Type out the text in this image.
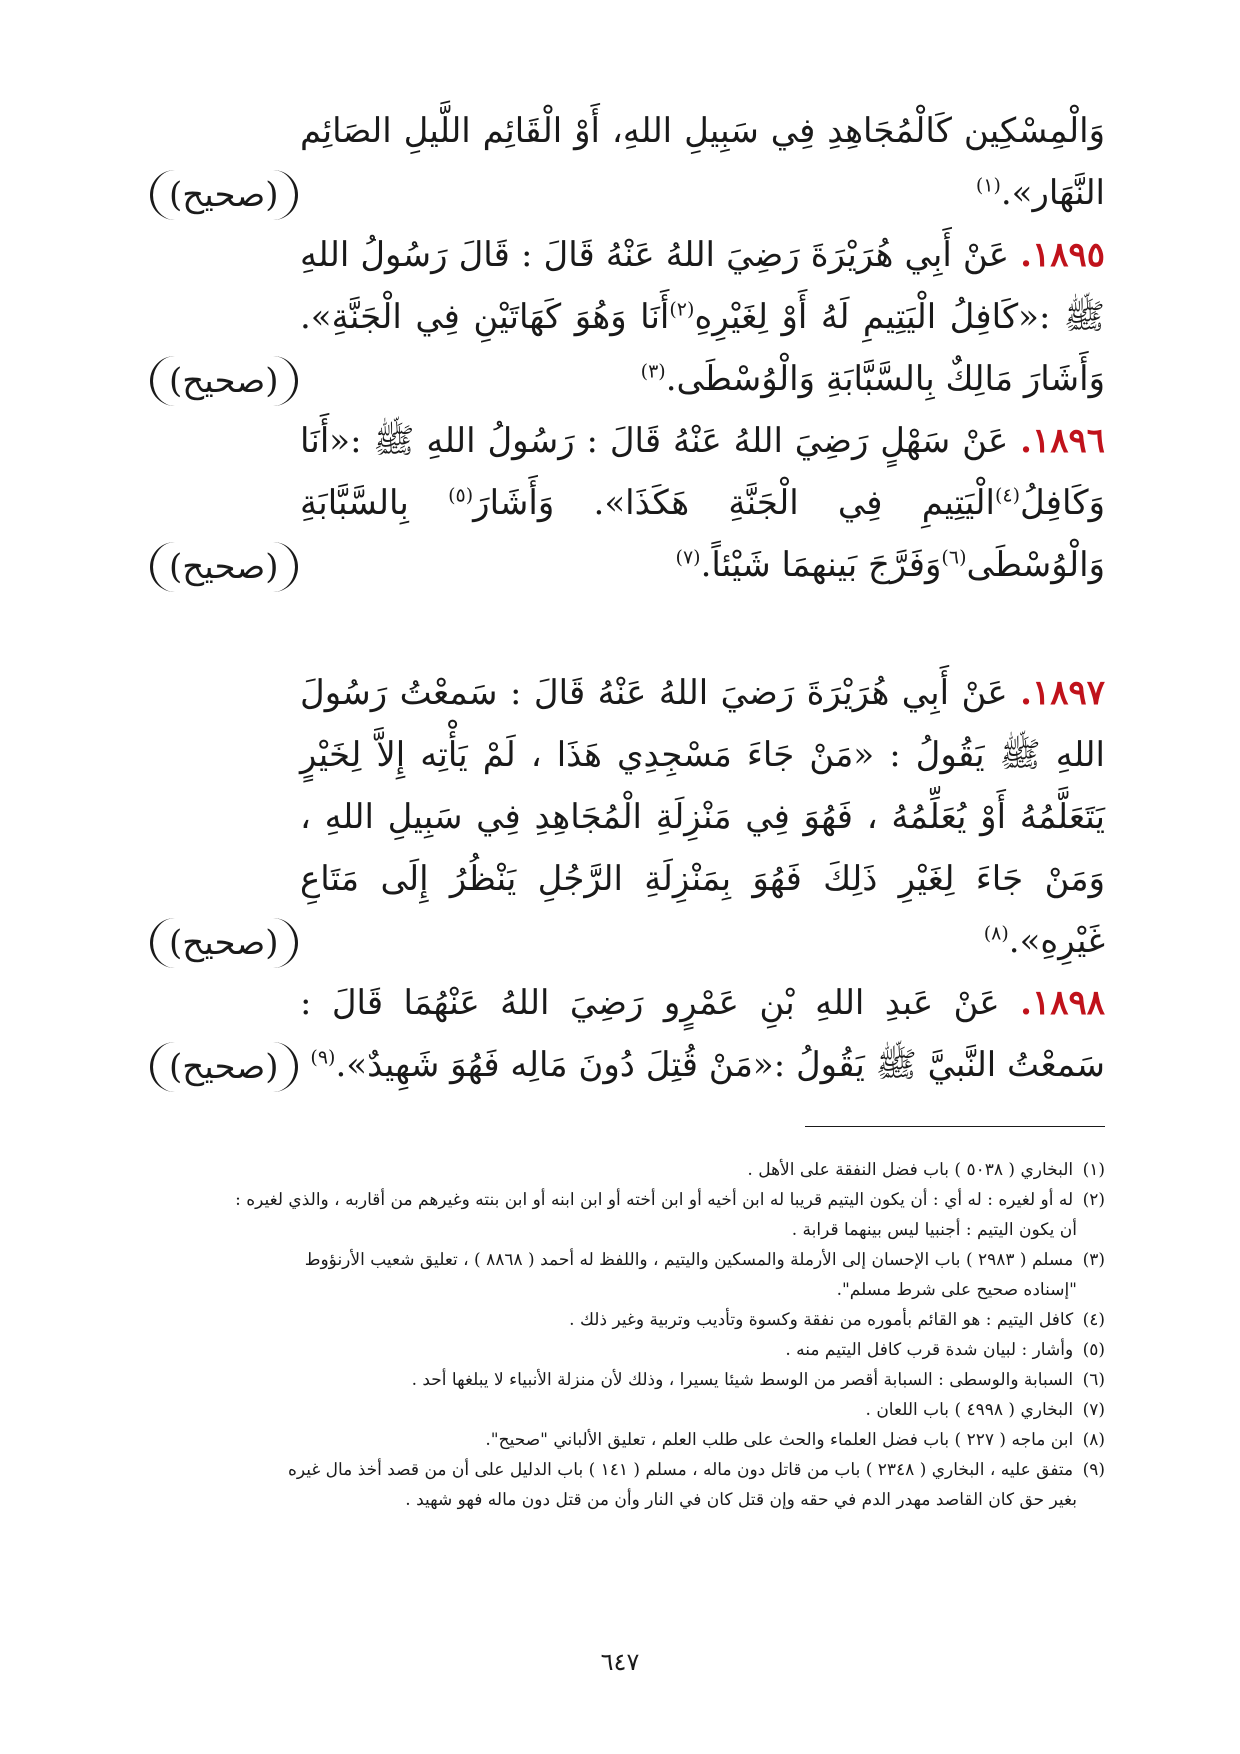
وَالْمِسْكِين كَالْمُجَاهِدِ فِي سَبِيلِ اللهِ، أَوْ الْقَائِم اللَّيلِ الصَائِم النَّهَار».$^{(١)}$
(صحيح)

١٨٩٥. عَنْ أَبِي هُرَيْرَةَ رَضِيَ اللهُ عَنْهُ قَالَ : قَالَ رَسُولُ اللهِ ﷺ :«كَافِلُ الْيَتِيمِ لَهُ أَوْ لِغَيْرِهِ$^{(٢)}$أَنَا وَهُوَ كَهَاتَيْنِ فِي الْجَنَّةِ». وَأَشَارَ مَالِكٌ بِالسَّبَّابَةِ وَالْوُسْطَى.$^{(٣)}$
(صحيح)

١٨٩٦. عَنْ سَهْلٍ رَضِيَ اللهُ عَنْهُ قَالَ : رَسُولُ اللهِ ﷺ :«أَنَا وَكَافِلُ$^{(٤)}$الْيَتِيمِ فِي الْجَنَّةِ هَكَذَا». وَأَشَارَ$^{(٥)}$ بِالسَّبَّابَةِ وَالْوُسْطَى$^{(٦)}$وَفَرَّجَ بَينهمَا شَيْئاً.$^{(٧)}$
(صحيح)

١٨٩٧. عَنْ أَبِي هُرَيْرَةَ رَضيَ اللهُ عَنْهُ قَالَ : سَمعْتُ رَسُولَ اللهِ ﷺ يَقُولُ : «مَنْ جَاءَ مَسْجِدِي هَذَا ، لَمْ يَأْتِه إِلاَّ لِخَيْرٍ يَتَعَلَّمُهُ أَوْ يُعَلِّمُهُ ، فَهُوَ فِي مَنْزِلَةِ الْمُجَاهِدِ فِي سَبِيلِ اللهِ ، وَمَنْ جَاءَ لِغَيْرِ ذَلِكَ فَهُوَ بِمَنْزِلَةِ الرَّجُلِ يَنْظُرُ إِلَى مَتَاعِ غَيْرِهِ».$^{(٨)}$
(صحيح)

١٨٩٨. عَنْ عَبدِ اللهِ بْنِ عَمْرٍو رَضِيَ اللهُ عَنْهُمَا قَالَ : سَمعْتُ النَّبيَّ ﷺ يَقُولُ :«مَنْ قُتِلَ دُونَ مَالِه فَهُوَ شَهِيدٌ».$^{(٩)}$
(صحيح)

(١) البخاري ( ٥٠٣٨ ) باب فضل النفقة على الأهل .

(٢) له أو لغيره : له أي : أن يكون اليتيم قريبا له ابن أخيه أو ابن أخته أو ابن ابنه أو ابن بنته وغيرهم من أقاربه ، والذي لغيره :

أن يكون اليتيم : أجنبيا ليس بينهما قرابة .

(٣) مسلم ( ٢٩٨٣ ) باب الإحسان إلى الأرملة والمسكين واليتيم ، واللفظ له أحمد ( ٨٨٦٨ ) ، تعليق شعيب الأرنؤوط

"إسناده صحيح على شرط مسلم".

(٤) كافل اليتيم : هو القائم بأموره من نفقة وكسوة وتأديب وتربية وغير ذلك .

(٥) وأشار : لبيان شدة قرب كافل اليتيم منه .

(٦) السبابة والوسطى : السبابة أقصر من الوسط شيئا يسيرا ، وذلك لأن منزلة الأنبياء لا يبلغها أحد .

(٧) البخاري ( ٤٩٩٨ ) باب اللعان .

(٨) ابن ماجه ( ٢٢٧ ) باب فضل العلماء والحث على طلب العلم ، تعليق الألباني "صحيح".

(٩) متفق عليه ، البخاري ( ٢٣٤٨ ) باب من قاتل دون ماله ، مسلم ( ١٤١ ) باب الدليل على أن من قصد أخذ مال غيره

بغير حق كان القاصد مهدر الدم في حقه وإن قتل كان في النار وأن من قتل دون ماله فهو شهيد .

٦٤٧
